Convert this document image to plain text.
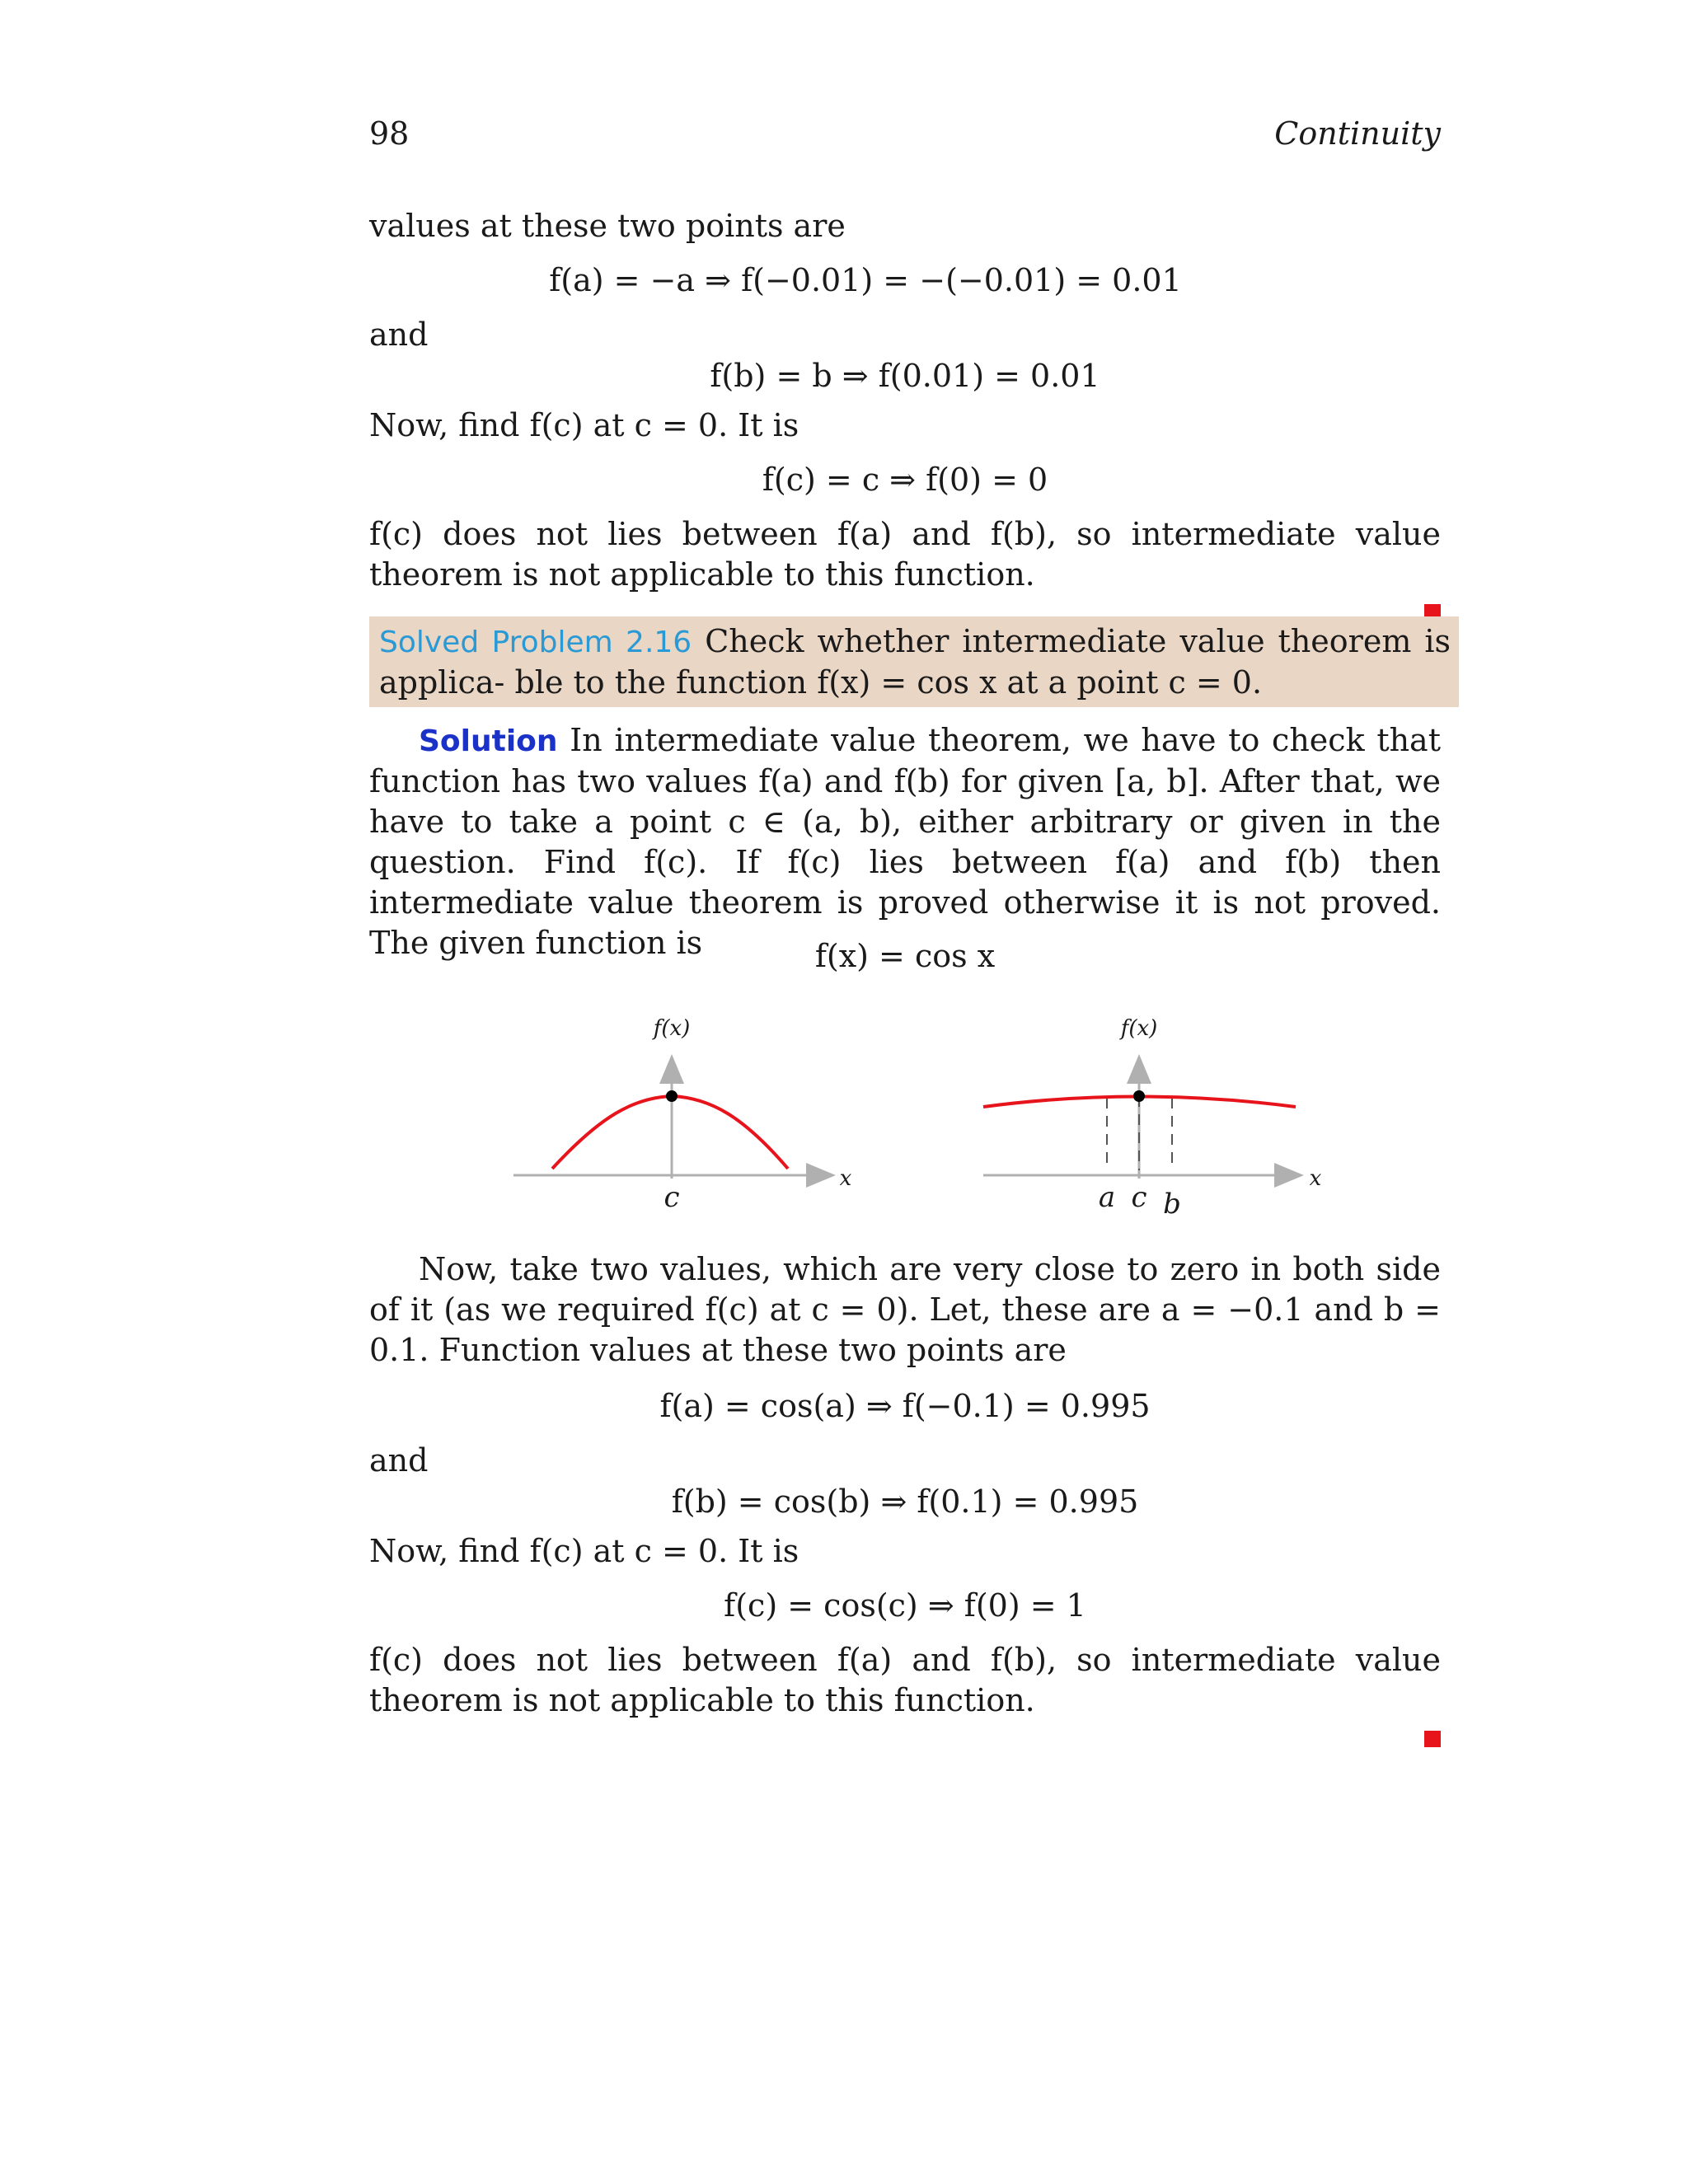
98	Continuity
values at these two points are
f(a) = −a ⇒ f(−0.01) = −(−0.01) = 0.01
and
f(b) = b ⇒ f(0.01) = 0.01
Now, find f(c) at c = 0. It is
f(c) = c ⇒ f(0) = 0
f(c) does not lies between f(a) and f(b), so intermediate value theorem is not applicable to this function.
Solved Problem 2.16 Check whether intermediate value theorem is applica- ble to the function f(x) = cos x at a point c = 0.
Solution In intermediate value theorem, we have to check that function has two values f(a) and f(b) for given [a, b]. After that, we have to take a point c ∈ (a, b), either arbitrary or given in the question. Find f(c). If f(c) lies between f(a) and f(b) then intermediate value theorem is proved otherwise it is not proved. The given function is	f(x) = cos x
f(x)
x
c
f(x)
x
a c b
Now, take two values, which are very close to zero in both side of it (as we required f(c) at c = 0). Let, these are a = −0.1 and b = 0.1. Function values at these two points are
f(a) = cos(a) ⇒ f(−0.1) = 0.995
and
f(b) = cos(b) ⇒ f(0.1) = 0.995
Now, find f(c) at c = 0. It is
f(c) = cos(c) ⇒ f(0) = 1
f(c) does not lies between f(a) and f(b), so intermediate value theorem is not applicable to this function.
